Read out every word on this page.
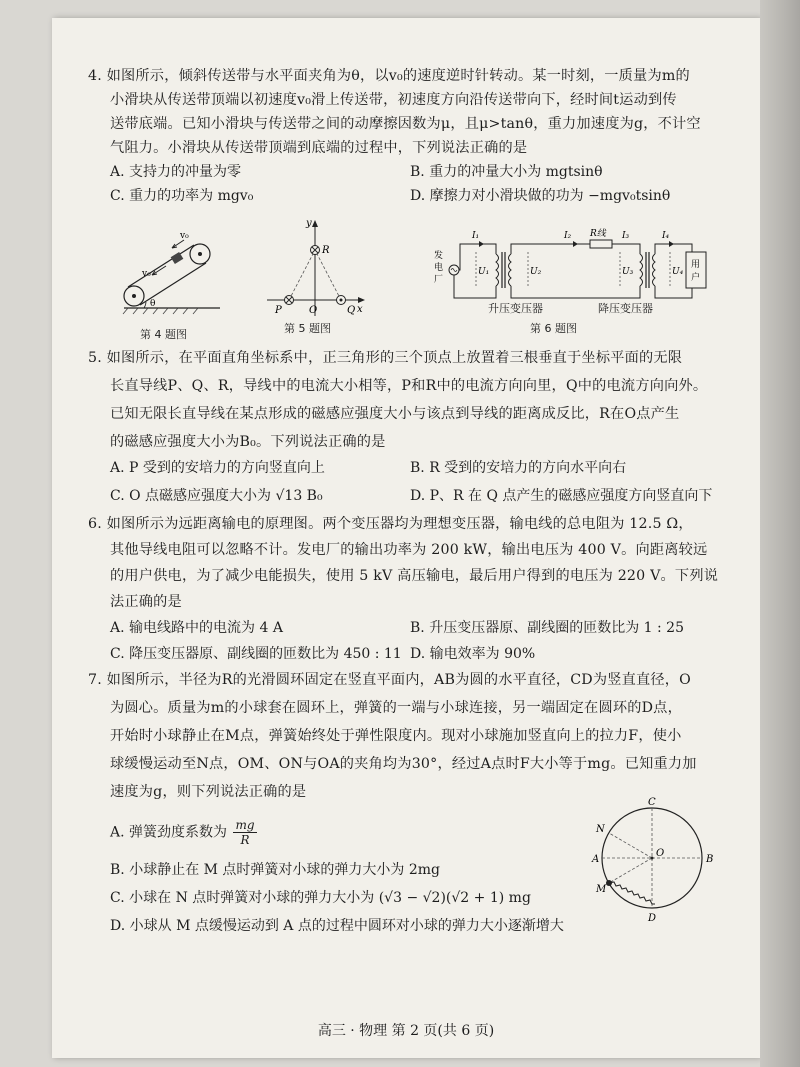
4. 如图所示，倾斜传送带与水平面夹角为θ，以v₀的速度逆时针转动。某一时刻，一质量为m的
小滑块从传送带顶端以初速度v₀滑上传送带，初速度方向沿传送带向下，经时间t运动到传
送带底端。已知小滑块与传送带之间的动摩擦因数为μ，且μ>tanθ，重力加速度为g，不计空
气阻力。小滑块从传送带顶端到底端的过程中，下列说法正确的是
A. 支持力的冲量为零	B. 重力的冲量大小为 mgtsinθ
C. 重力的功率为 mgv₀	D. 摩擦力对小滑块做的功为 −mgv₀tsinθ
v₀
v₀
θ
第 4 题图
y
x
R
P	O	Q
第 5 题图
发
电
厂
I₁
U₁
I₂ R线
U₂	U₃
I₄
I₃
U₄
用
户
升压变压器	降压变压器
第 6 题图
5. 如图所示，在平面直角坐标系中，正三角形的三个顶点上放置着三根垂直于坐标平面的无限
长直导线P、Q、R，导线中的电流大小相等，P和R中的电流方向向里，Q中的电流方向向外。
已知无限长直导线在某点形成的磁感应强度大小与该点到导线的距离成反比，R在O点产生
的磁感应强度大小为B₀。下列说法正确的是
A. P 受到的安培力的方向竖直向上	B. R 受到的安培力的方向水平向右
C. O 点磁感应强度大小为 √13 B₀	D. P、R 在 Q 点产生的磁感应强度方向竖直向下
6. 如图所示为远距离输电的原理图。两个变压器均为理想变压器，输电线的总电阻为 12.5 Ω，
其他导线电阻可以忽略不计。发电厂的输出功率为 200 kW，输出电压为 400 V。向距离较远
的用户供电，为了减少电能损失，使用 5 kV 高压输电，最后用户得到的电压为 220 V。下列说
法正确的是
A. 输电线路中的电流为 4 A	B. 升压变压器原、副线圈的匝数比为 1 : 25
C. 降压变压器原、副线圈的匝数比为 450 : 11 D. 输电效率为 90%
7. 如图所示，半径为R的光滑圆环固定在竖直平面内，AB为圆的水平直径，CD为竖直直径，O
为圆心。质量为m的小球套在圆环上，弹簧的一端与小球连接，另一端固定在圆环的D点，
开始时小球静止在M点，弹簧始终处于弹性限度内。现对小球施加竖直向上的拉力F，使小
球缓慢运动至N点，OM、ON与OA的夹角均为30°，经过A点时F大小等于mg。已知重力加
速度为g，则下列说法正确的是
A. 弹簧劲度系数为 $\frac{mg}{R}$
B. 小球静止在 M 点时弹簧对小球的弹力大小为 2mg
C. 小球在 N 点时弹簧对小球的弹力大小为 (√3 − √2)(√2 + 1) mg
D. 小球从 M 点缓慢运动到 A 点的过程中圆环对小球的弹力大小逐渐增大
C
N
A
O
B
M
D
高三 · 物理 第 2 页(共 6 页)
